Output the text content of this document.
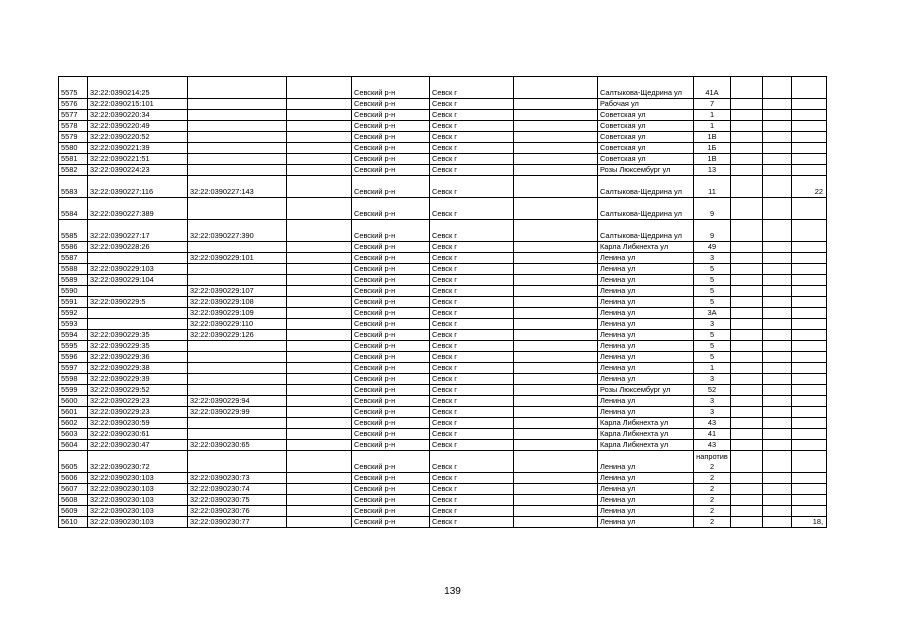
5575	32:22:0390214:25			Севский р-н	Севск г		Салтыкова-Щедрина ул	41А			
5576	32:22:0390215:101			Севский р-н	Севск г		Рабочая ул	7			
5577	32:22:0390220:34			Севский р-н	Севск г		Советская ул	1			
5578	32:22:0390220:49			Севский р-н	Севск г		Советская ул	1			
5579	32:22:0390220:52			Севский р-н	Севск г		Советская ул	1В			
5580	32:22:0390221:39			Севский р-н	Севск г		Советская ул	1Б			
5581	32:22:0390221:51			Севский р-н	Севск г		Советская ул	1В			
5582	32:22:0390224:23			Севский р-н	Севск г		Розы Люксембург ул	13			
5583	32:22:0390227:116	32:22:0390227:143		Севский р-н	Севск г		Салтыкова-Щедрина ул	11			22
5584	32:22:0390227:389			Севский р-н	Севск г		Салтыкова-Щедрина ул	9			
5585	32:22:0390227:17	32:22:0390227:390		Севский р-н	Севск г		Салтыкова-Щедрина ул	9			
5586	32:22:0390228:26			Севский р-н	Севск г		Карла Либкнехта ул	49			
5587		32:22:0390229:101		Севский р-н	Севск г		Ленина ул	3			
5588	32:22:0390229:103			Севский р-н	Севск г		Ленина ул	5			
5589	32:22:0390229:104			Севский р-н	Севск г		Ленина ул	5			
5590		32:22:0390229:107		Севский р-н	Севск г		Ленина ул	5			
5591	32:22:0390229:5	32:22:0390229:108		Севский р-н	Севск г		Ленина ул	5			
5592		32:22:0390229:109		Севский р-н	Севск г		Ленина ул	3А			
5593		32:22:0390229:110		Севский р-н	Севск г		Ленина ул	3			
5594	32:22:0390229:35	32:22:0390229:126		Севский р-н	Севск г		Ленина ул	5			
5595	32:22:0390229:35			Севский р-н	Севск г		Ленина ул	5			
5596	32:22:0390229:36			Севский р-н	Севск г		Ленина ул	5			
5597	32:22:0390229:38			Севский р-н	Севск г		Ленина ул	1			
5598	32:22:0390229:39			Севский р-н	Севск г		Ленина ул	3			
5599	32:22:0390229:52			Севский р-н	Севск г		Розы Люксембург ул	52			
5600	32:22:0390229:23	32:22:0390229:94		Севский р-н	Севск г		Ленина ул	3			
5601	32:22:0390229:23	32:22:0390229:99		Севский р-н	Севск г		Ленина ул	3			
5602	32:22:0390230:59			Севский р-н	Севск г		Карла Либкнехта ул	43			
5603	32:22:0390230:61			Севский р-н	Севск г		Карла Либкнехта ул	41			
5604	32:22:0390230:47	32:22:0390230:65		Севский р-н	Севск г		Карла Либкнехта ул	43			
5605	32:22:0390230:72			Севский р-н	Севск г		Ленина ул	напротив 2			
5606	32:22:0390230:103	32:22:0390230:73		Севский р-н	Севск г		Ленина ул	2			
5607	32:22:0390230:103	32:22:0390230:74		Севский р-н	Севск г		Ленина ул	2			
5608	32:22:0390230:103	32:22:0390230:75		Севский р-н	Севск г		Ленина ул	2			
5609	32:22:0390230:103	32:22:0390230:76		Севский р-н	Севск г		Ленина ул	2			
5610	32:22:0390230:103	32:22:0390230:77		Севский р-н	Севск г		Ленина ул	2			18,
139
